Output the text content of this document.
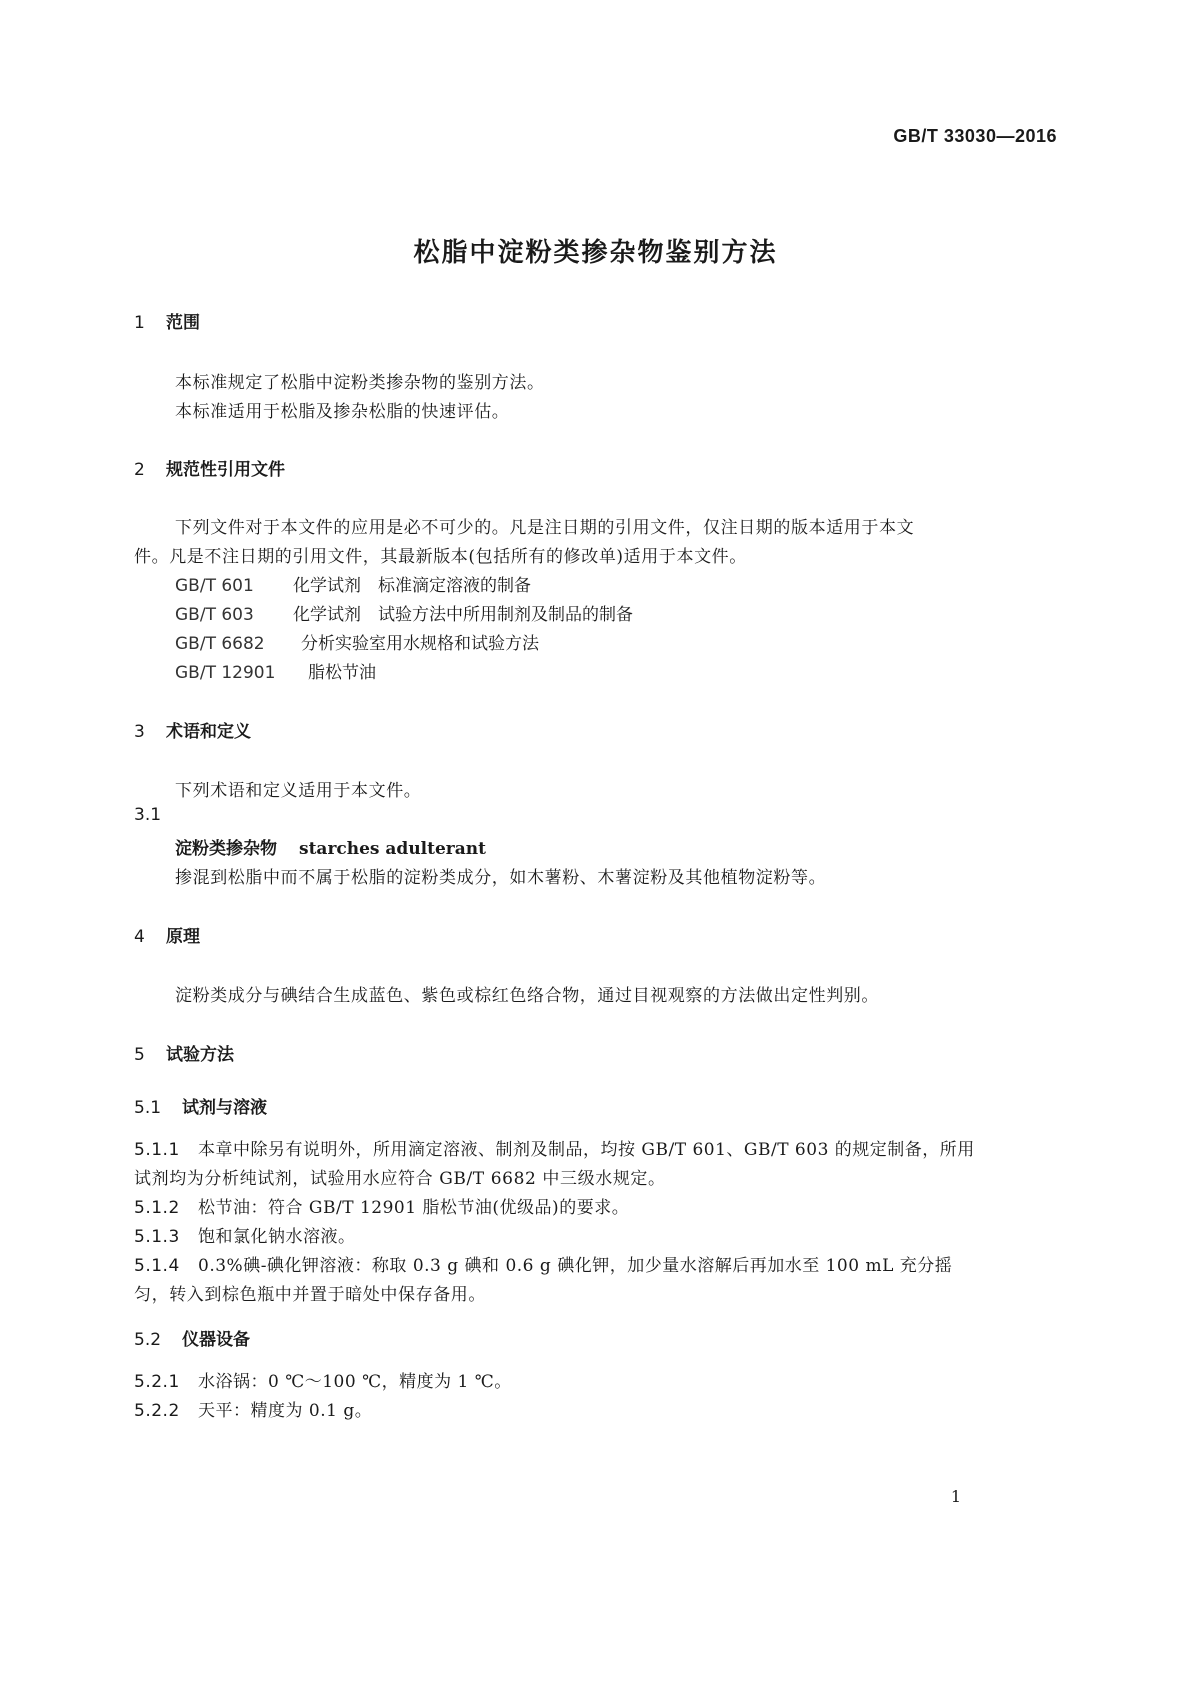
GB/T 33030—2016
松脂中淀粉类掺杂物鉴别方法
1 范围
本标准规定了松脂中淀粉类掺杂物的鉴别方法。
本标准适用于松脂及掺杂松脂的快速评估。
2 规范性引用文件
下列文件对于本文件的应用是必不可少的。凡是注日期的引用文件，仅注日期的版本适用于本文
件。凡是不注日期的引用文件，其最新版本(包括所有的修改单)适用于本文件。
GB/T 601 化学试剂　标准滴定溶液的制备
GB/T 603 化学试剂　试验方法中所用制剂及制品的制备
GB/T 6682 分析实验室用水规格和试验方法
GB/T 12901 脂松节油
3 术语和定义
下列术语和定义适用于本文件。
3.1
淀粉类掺杂物 starches adulterant
掺混到松脂中而不属于松脂的淀粉类成分，如木薯粉、木薯淀粉及其他植物淀粉等。
4 原理
淀粉类成分与碘结合生成蓝色、紫色或棕红色络合物，通过目视观察的方法做出定性判别。
5 试验方法
5.1 试剂与溶液
5.1.1 本章中除另有说明外，所用滴定溶液、制剂及制品，均按 GB/T 601、GB/T 603 的规定制备，所用
试剂均为分析纯试剂，试验用水应符合 GB/T 6682 中三级水规定。
5.1.2 松节油：符合 GB/T 12901 脂松节油(优级品)的要求。
5.1.3 饱和氯化钠水溶液。
5.1.4 0.3%碘-碘化钾溶液：称取 0.3 g 碘和 0.6 g 碘化钾，加少量水溶解后再加水至 100 mL 充分摇
匀，转入到棕色瓶中并置于暗处中保存备用。
5.2 仪器设备
5.2.1 水浴锅：0 ℃～100 ℃，精度为 1 ℃。
5.2.2 天平：精度为 0.1 g。
1
